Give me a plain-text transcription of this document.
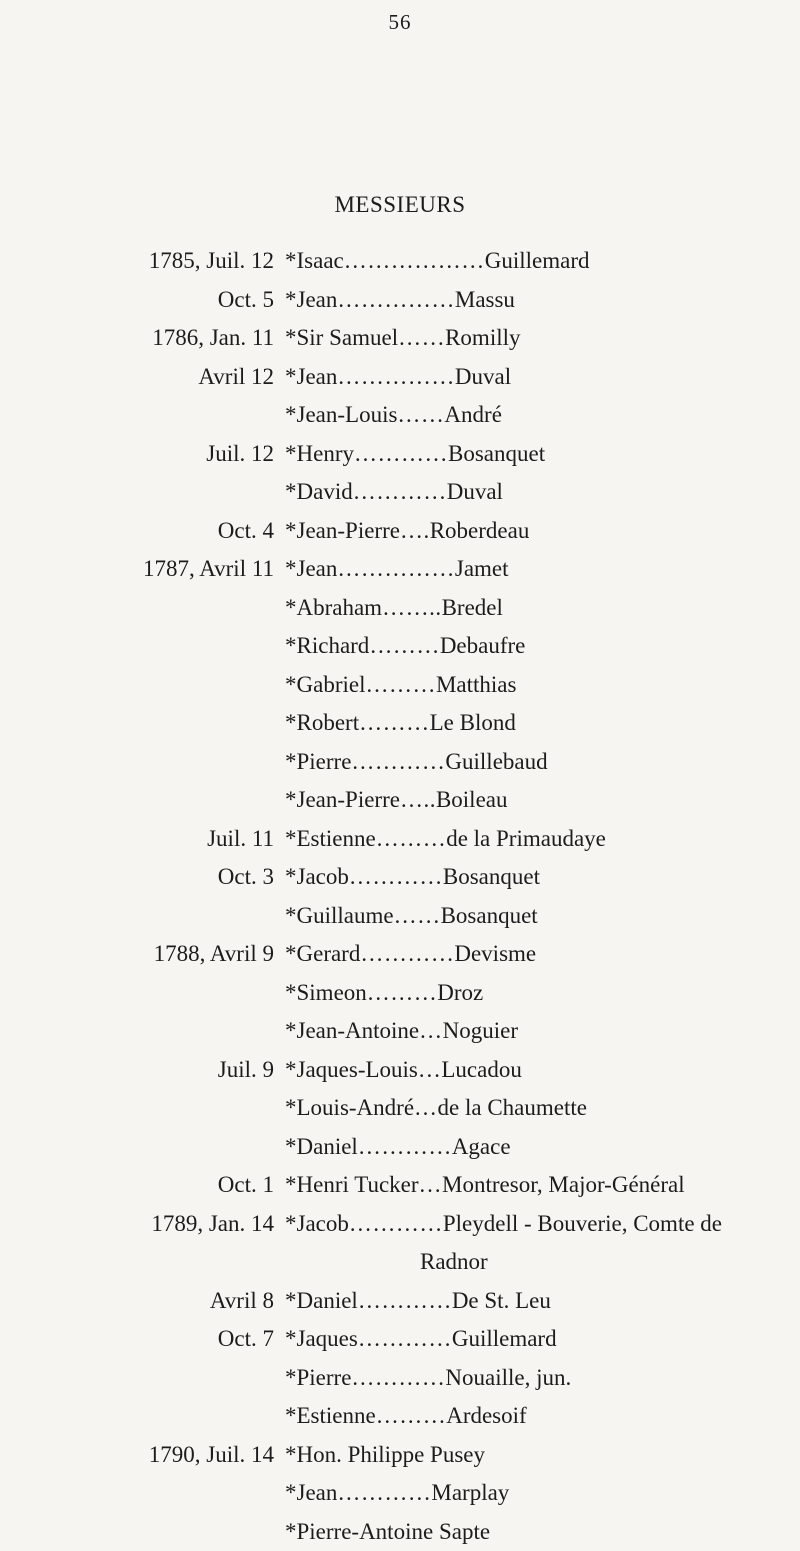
56
MESSIEURS
1785, Juil. 12 *Isaac………………Guillemard
Oct. 5 *Jean……………Massu
1786, Jan. 11 *Sir Samuel……Romilly
Avril 12 *Jean……………Duval
*Jean-Louis……André
Juil. 12 *Henry…………Bosanquet
*David…………Duval
Oct. 4 *Jean-Pierre….Roberdeau
1787, Avril 11 *Jean……………Jamet
*Abraham……..Bredel
*Richard………Debaufre
*Gabriel………Matthias
*Robert………Le Blond
*Pierre…………Guillebaud
*Jean-Pierre…..Boileau
Juil. 11 *Estienne………de la Primaudaye
Oct. 3 *Jacob…………Bosanquet
*Guillaume……Bosanquet
1788, Avril 9 *Gerard…………Devisme
*Simeon………Droz
*Jean-Antoine…Noguier
Juil. 9 *Jaques-Louis…Lucadou
*Louis-André…de la Chaumette
*Daniel…………Agace
Oct. 1 *Henri Tucker…Montresor, Major-Général
1789, Jan. 14 *Jacob…………Pleydell - Bouverie, Comte de
Radnor
Avril 8 *Daniel…………De St. Leu
Oct. 7 *Jaques…………Guillemard
*Pierre…………Nouaille, jun.
*Estienne………Ardesoif
1790, Juil. 14 *Hon. Philippe Pusey
*Jean…………Marplay
*Pierre-Antoine Sapte
